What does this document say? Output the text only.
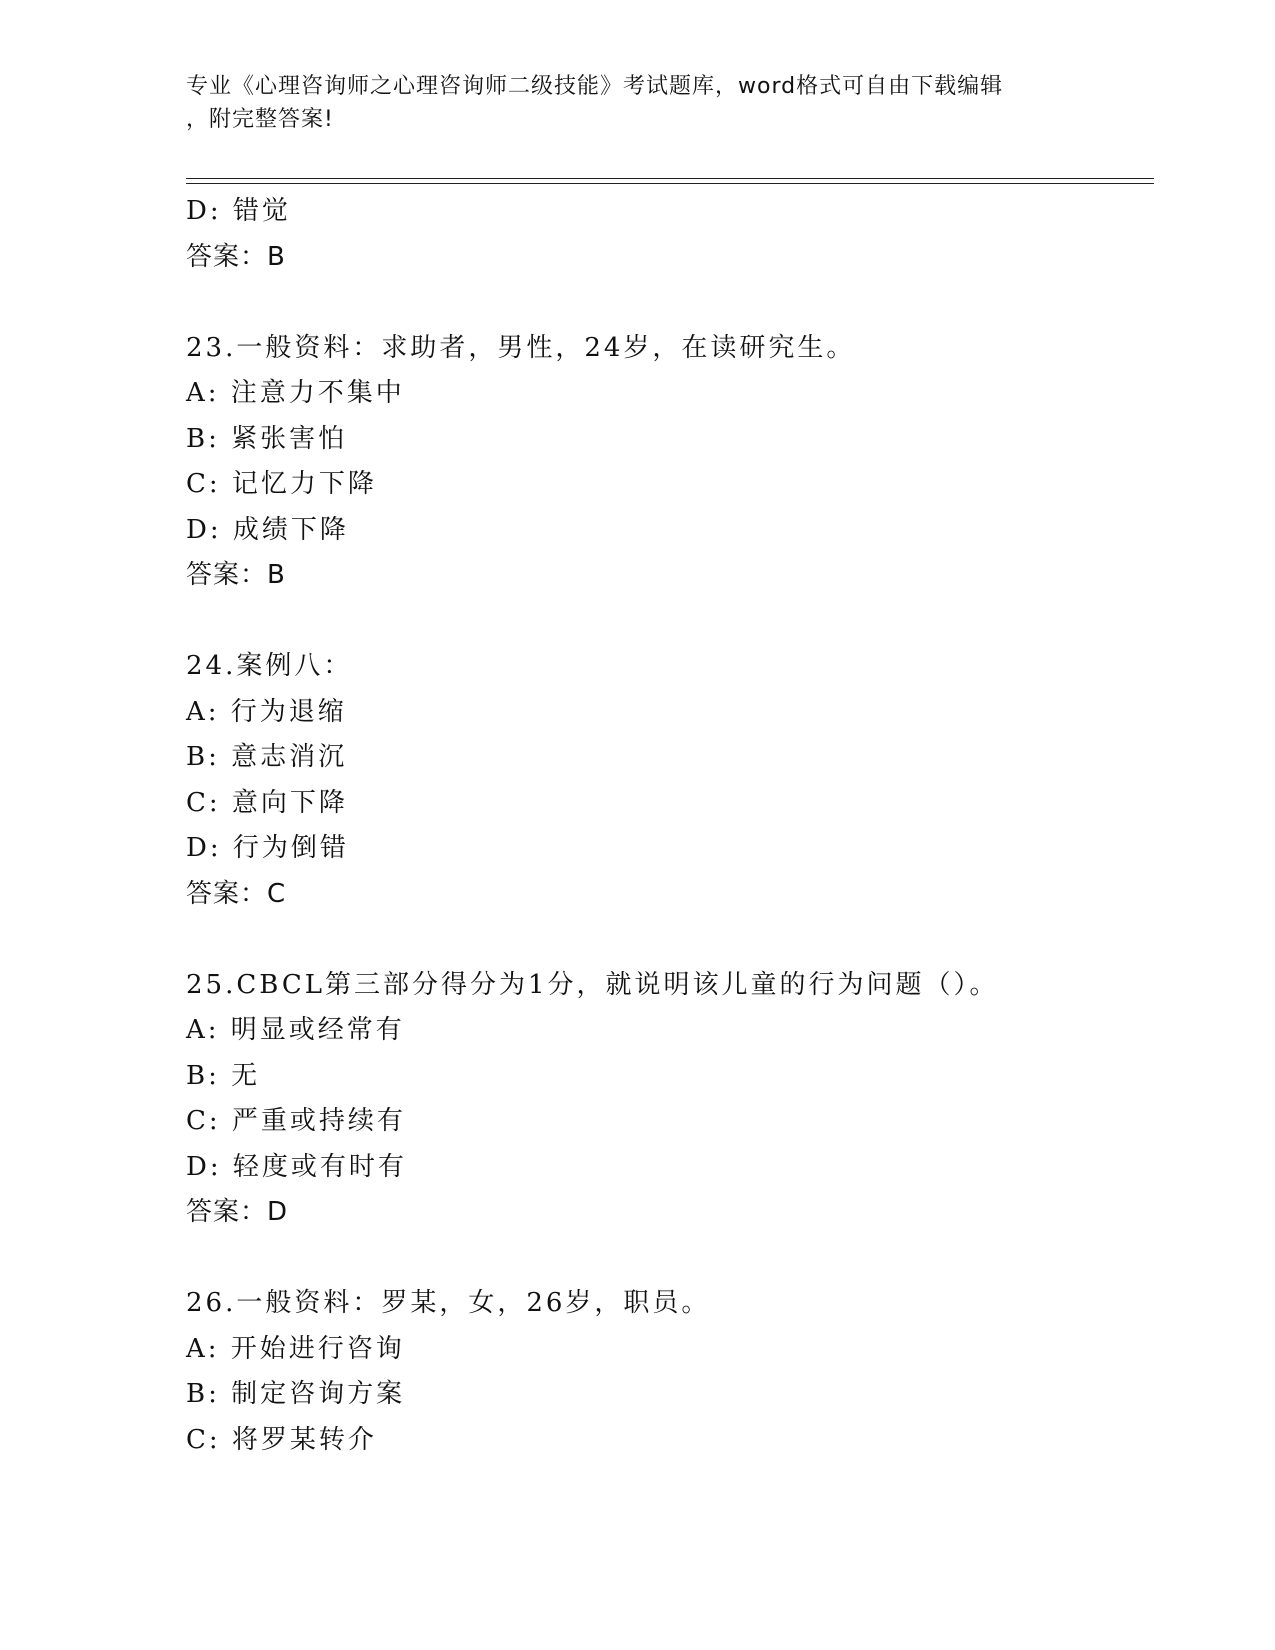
专业《心理咨询师之心理咨询师二级技能》考试题库，word格式可自由下载编辑
，附完整答案!
D: 错觉
答案：B
23.一般资料：求助者，男性，24岁，在读研究生。
A: 注意力不集中
B: 紧张害怕
C: 记忆力下降
D: 成绩下降
答案：B
24.案例八：
A: 行为退缩
B: 意志消沉
C: 意向下降
D: 行为倒错
答案：C
25.CBCL第三部分得分为1分，就说明该儿童的行为问题（）。
A: 明显或经常有
B: 无
C: 严重或持续有
D: 轻度或有时有
答案：D
26.一般资料：罗某，女，26岁，职员。
A: 开始进行咨询
B: 制定咨询方案
C: 将罗某转介
